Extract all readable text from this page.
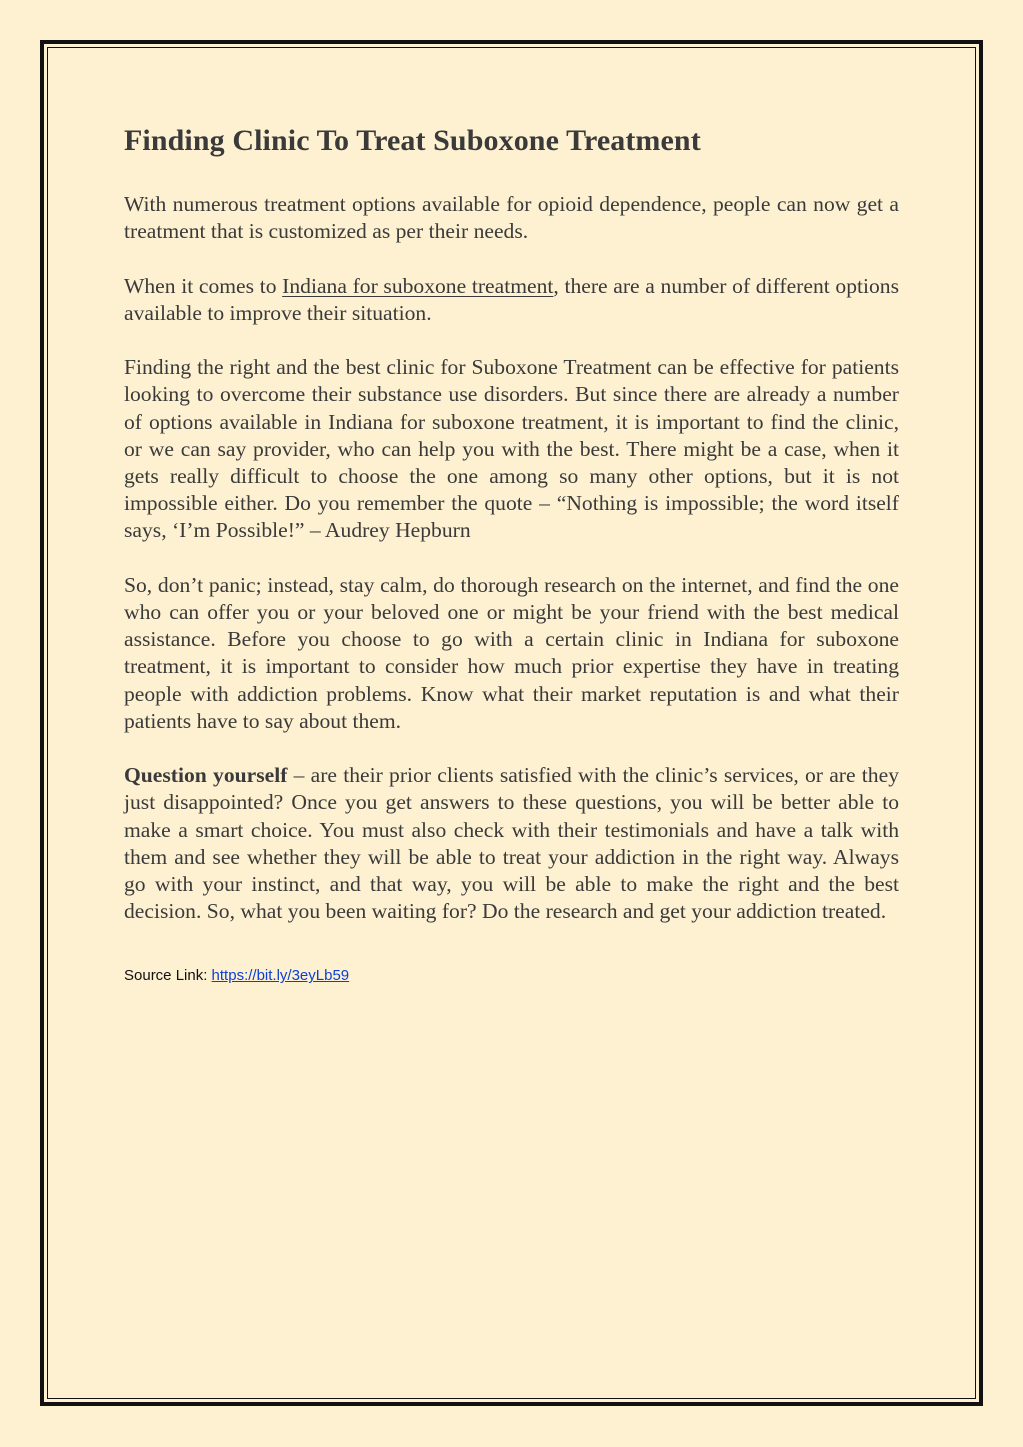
Finding Clinic To Treat Suboxone Treatment

With numerous treatment options available for opioid dependence, people can now get a treatment that is customized as per their needs.

When it comes to Indiana for suboxone treatment, there are a number of different options available to improve their situation.

Finding the right and the best clinic for Suboxone Treatment can be effective for patients looking to overcome their substance use disorders. But since there are already a number of options available in Indiana for suboxone treatment, it is important to find the clinic, or we can say provider, who can help you with the best. There might be a case, when it gets really difficult to choose the one among so many other options, but it is not impossible either. Do you remember the quote – “Nothing is impossible; the word itself says, ‘I’m Possible!” – Audrey Hepburn

So, don’t panic; instead, stay calm, do thorough research on the internet, and find the one who can offer you or your beloved one or might be your friend with the best medical assistance. Before you choose to go with a certain clinic in Indiana for suboxone treatment, it is important to consider how much prior expertise they have in treating people with addiction problems. Know what their market reputation is and what their patients have to say about them.

Question yourself – are their prior clients satisfied with the clinic’s services, or are they just disappointed? Once you get answers to these questions, you will be better able to make a smart choice. You must also check with their testimonials and have a talk with them and see whether they will be able to treat your addiction in the right way. Always go with your instinct, and that way, you will be able to make the right and the best decision. So, what you been waiting for? Do the research and get your addiction treated.

Source Link: https://bit.ly/3eyLb59
